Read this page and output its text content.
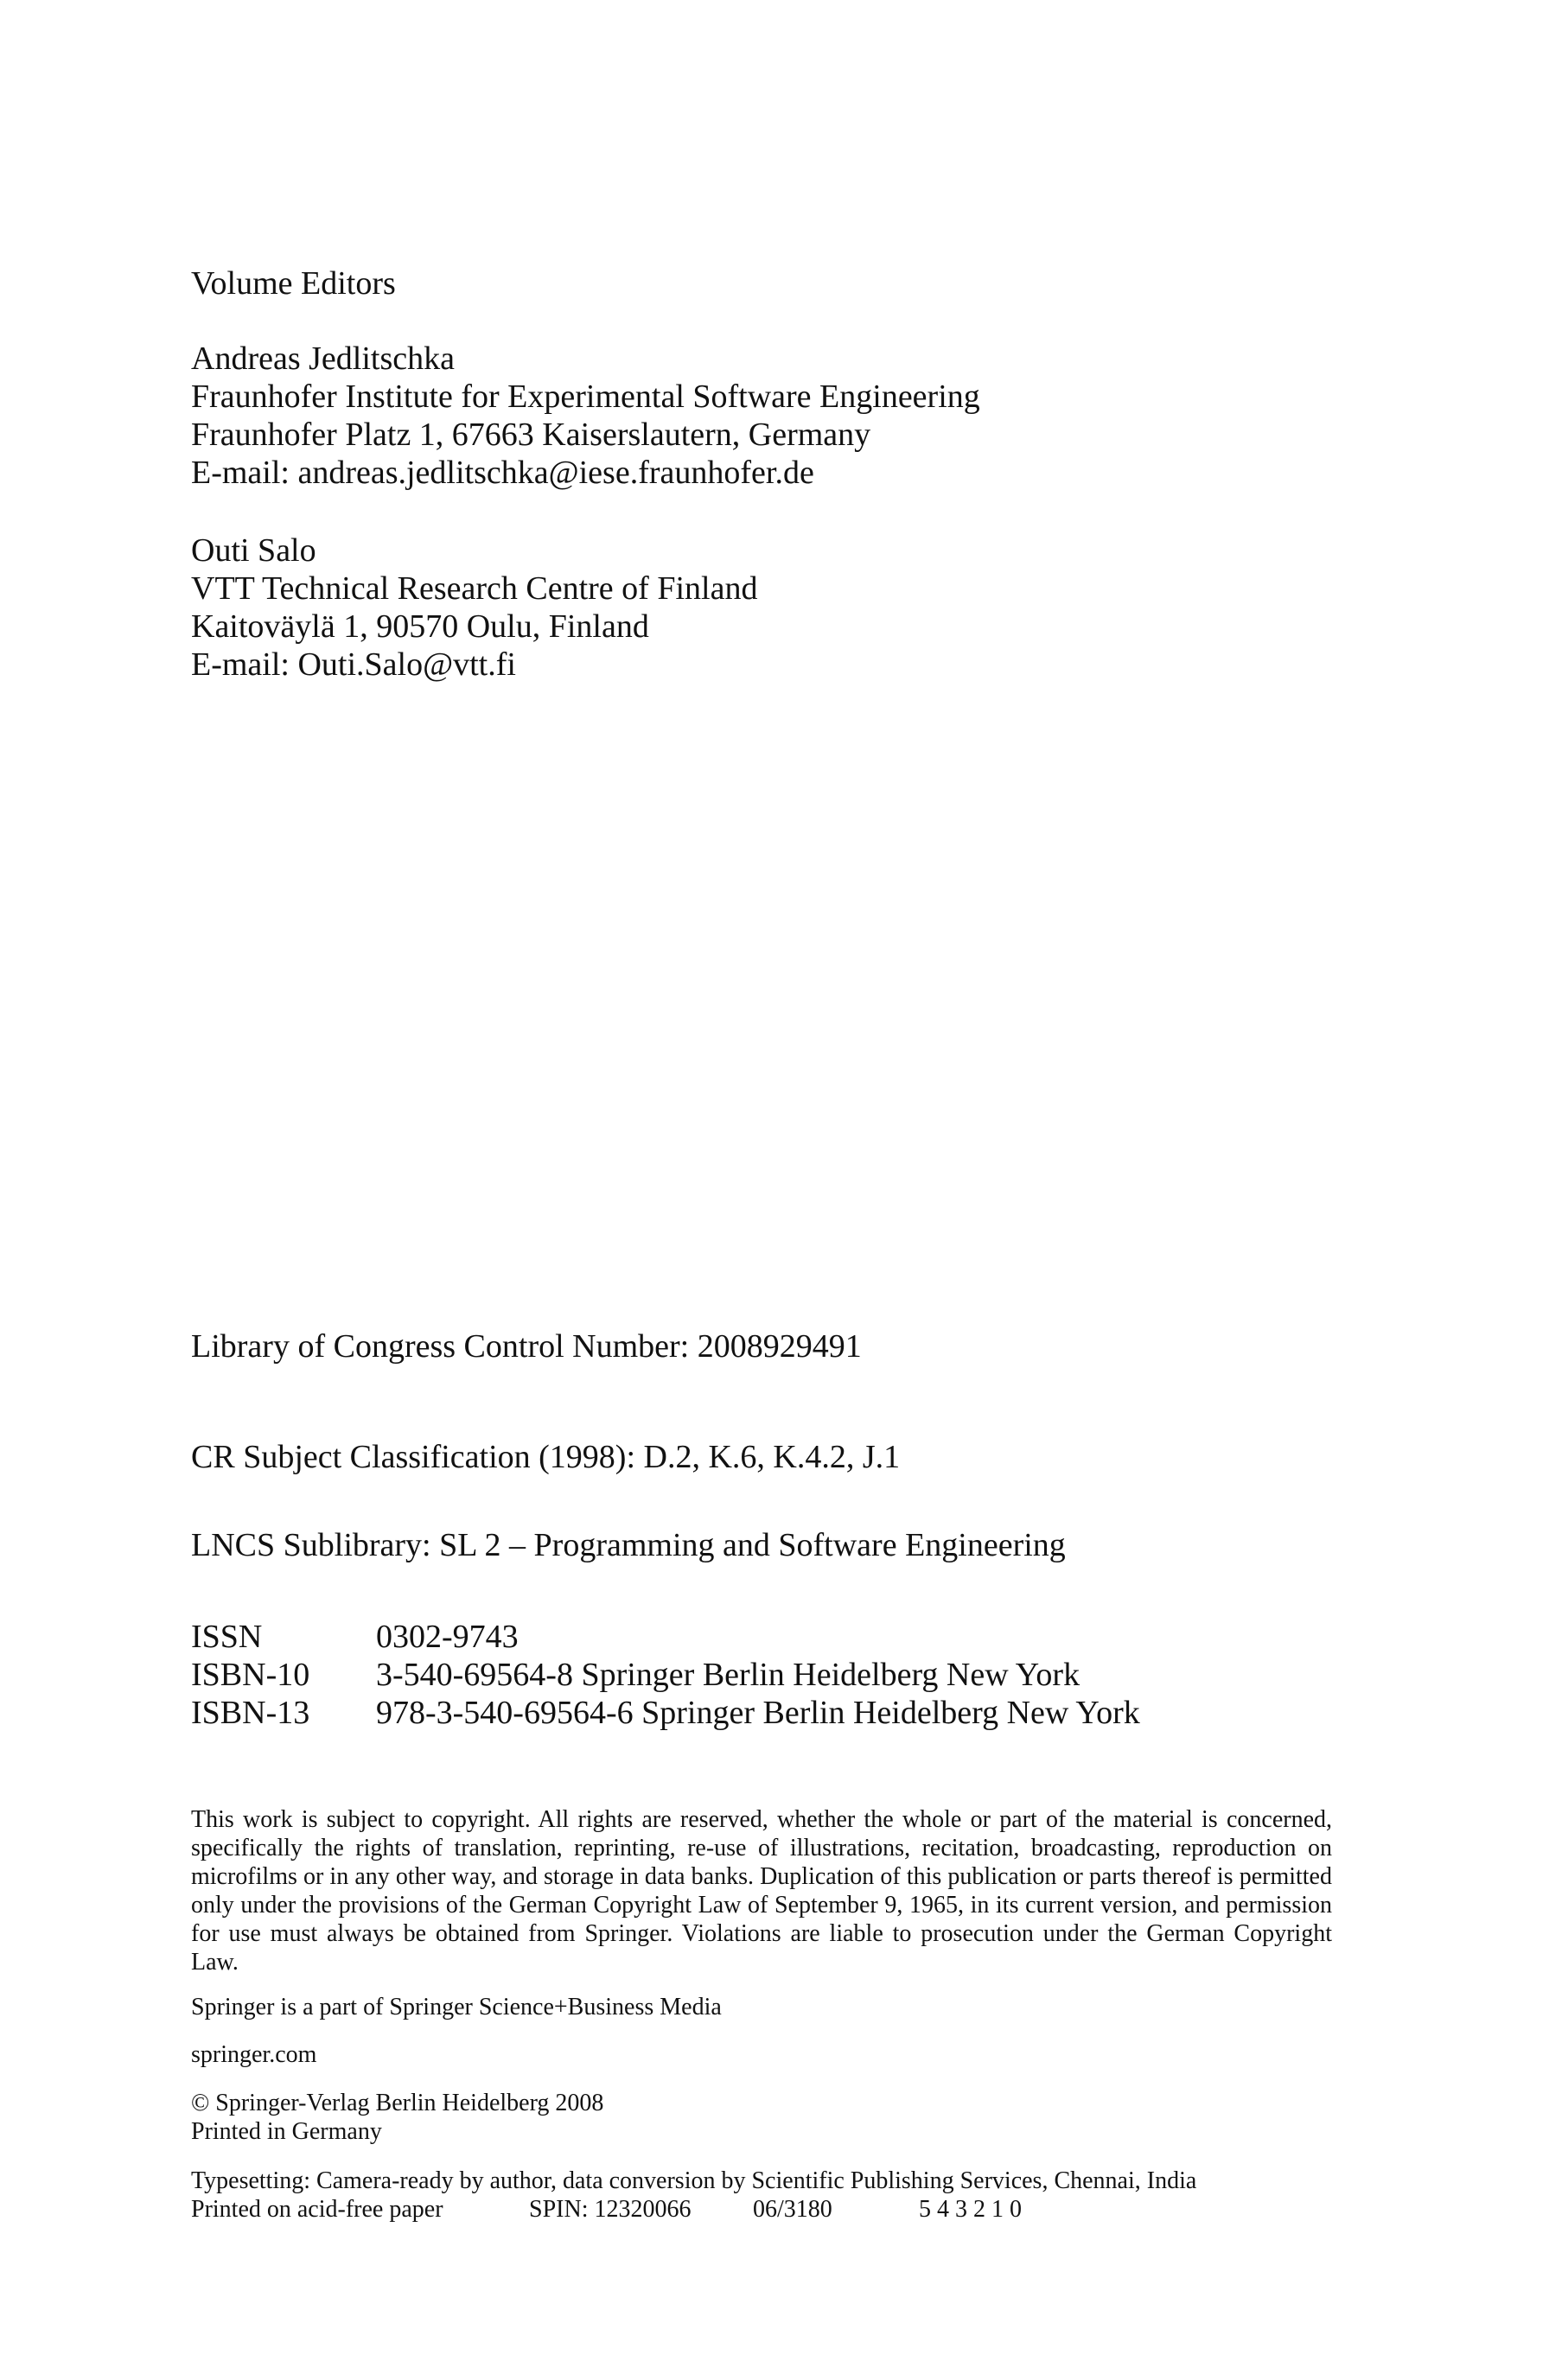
Volume Editors
Andreas Jedlitschka
Fraunhofer Institute for Experimental Software Engineering
Fraunhofer Platz 1, 67663 Kaiserslautern, Germany
E-mail: andreas.jedlitschka@iese.fraunhofer.de
Outi Salo
VTT Technical Research Centre of Finland
Kaitoväylä 1, 90570 Oulu, Finland
E-mail: Outi.Salo@vtt.fi
Library of Congress Control Number: 2008929491
CR Subject Classification (1998): D.2, K.6, K.4.2, J.1
LNCS Sublibrary: SL 2 – Programming and Software Engineering
ISSN	0302-9743
ISBN-10 3-540-69564-8 Springer Berlin Heidelberg New York
ISBN-13 978-3-540-69564-6 Springer Berlin Heidelberg New York
This work is subject to copyright. All rights are reserved, whether the whole or part of the material is concerned, specifically the rights of translation, reprinting, re-use of illustrations, recitation, broadcasting, reproduction on microfilms or in any other way, and storage in data banks. Duplication of this publication or parts thereof is permitted only under the provisions of the German Copyright Law of September 9, 1965, in its current version, and permission for use must always be obtained from Springer. Violations are liable to prosecution under the German Copyright Law.
Springer is a part of Springer Science+Business Media
springer.com
© Springer-Verlag Berlin Heidelberg 2008
Printed in Germany
Typesetting: Camera-ready by author, data conversion by Scientific Publishing Services, Chennai, India
Printed on acid-free paper	SPIN: 12320066	06/3180	5 4 3 2 1 0
